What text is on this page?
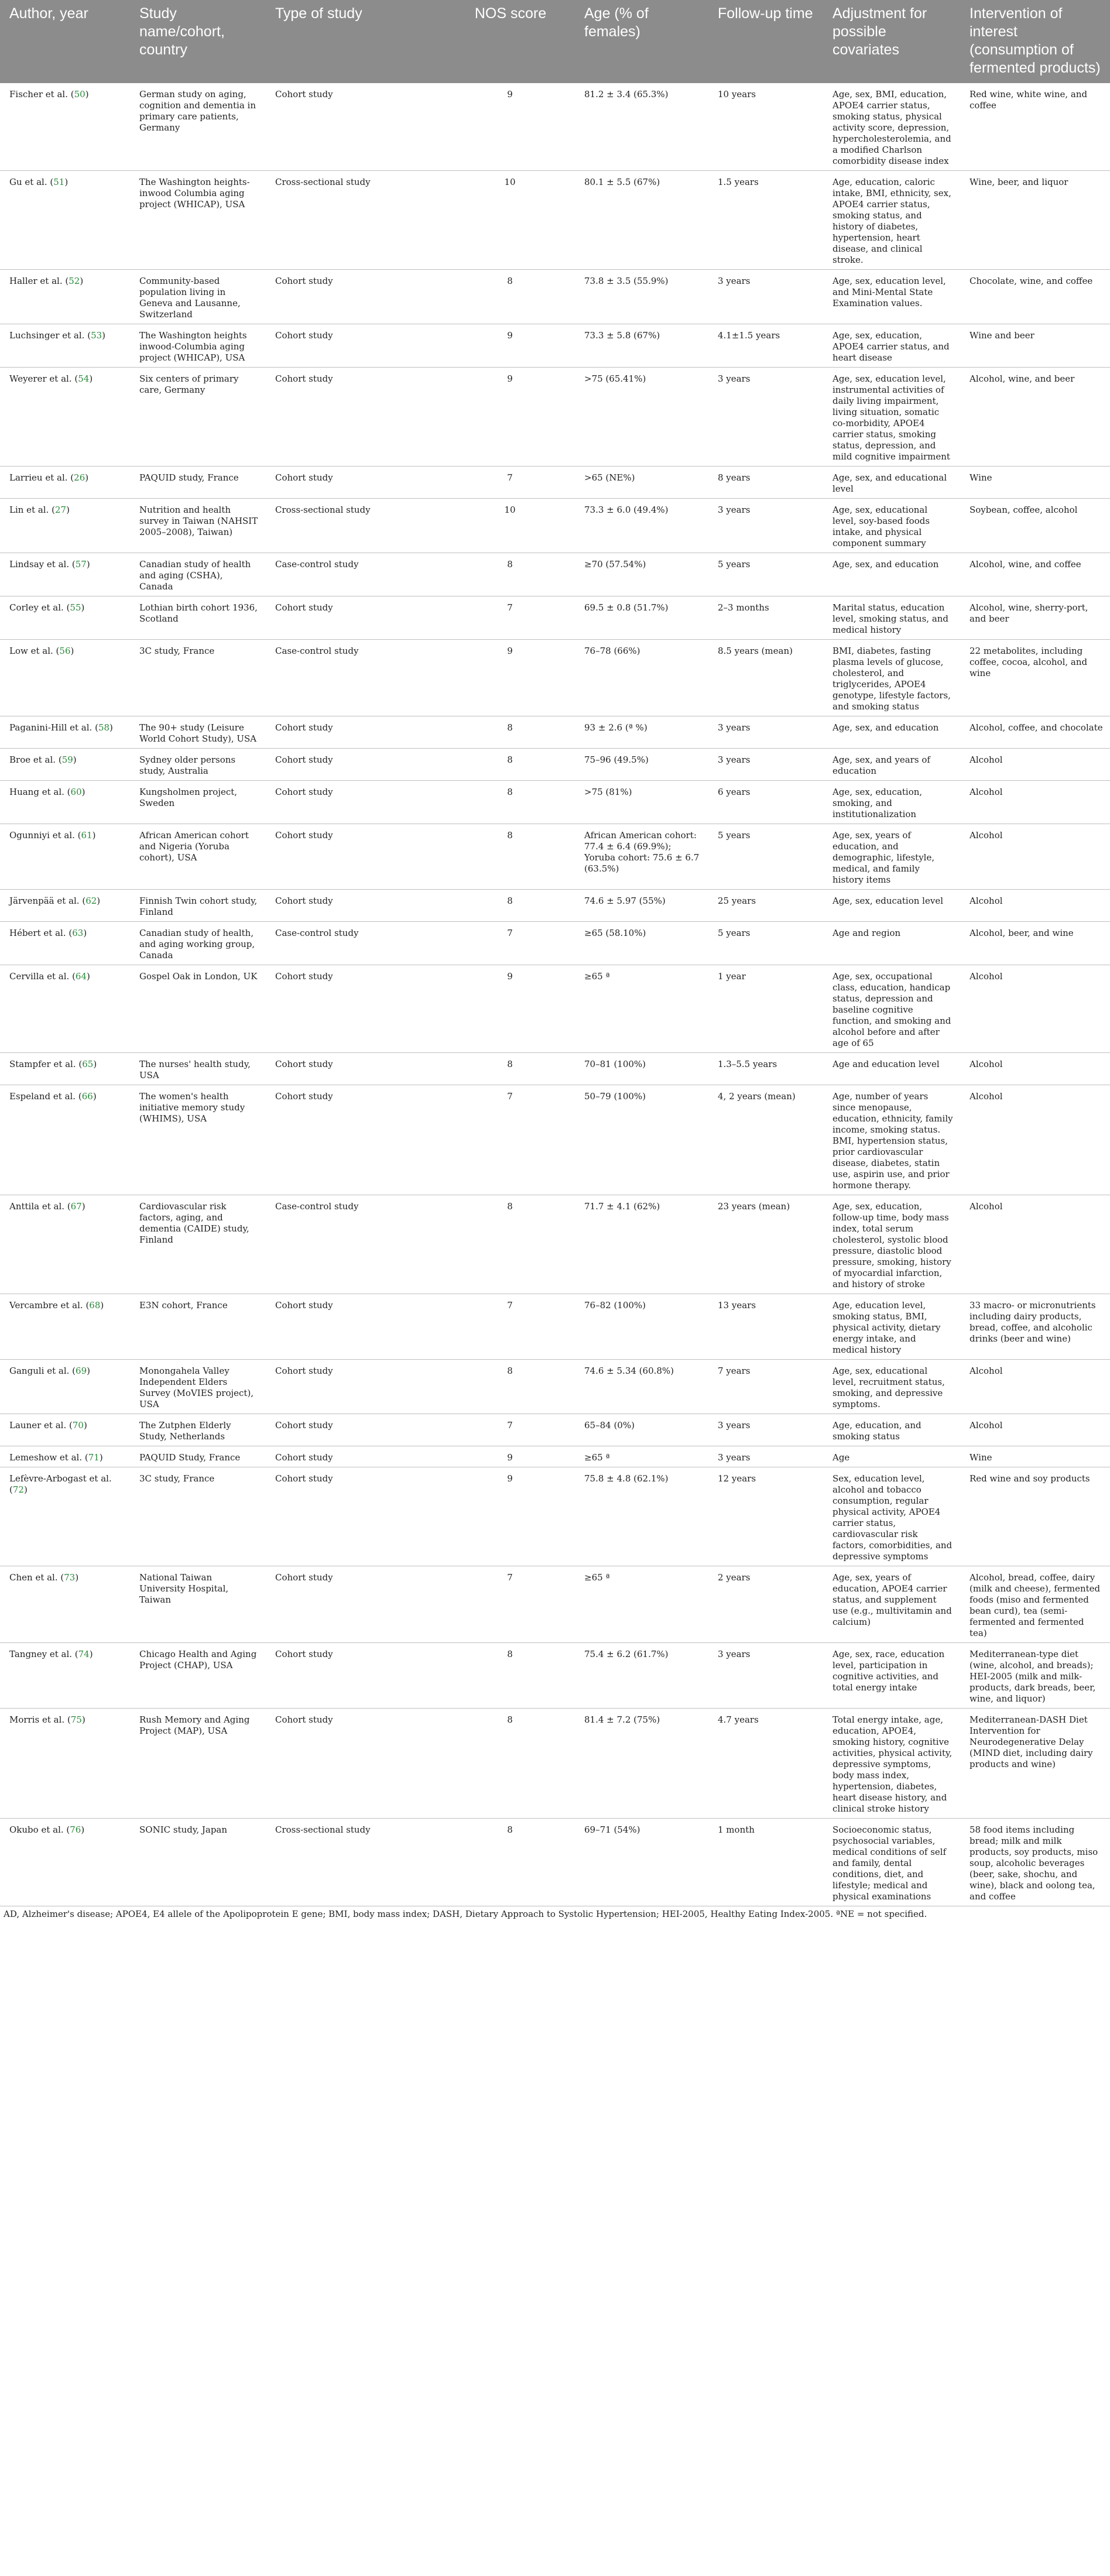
Author, year	Study name/cohort, country	Type of study	NOS score	Age (% of females)	Follow-up time	Adjustment for possible covariates	Intervention of interest (consumption of fermented products)
Fischer et al. (50)	German study on aging, cognition and dementia in primary care patients, Germany	Cohort study	9	81.2 ± 3.4 (65.3%)	10 years	Age, sex, BMI, education, APOE4 carrier status, smoking status, physical activity score, depression, hypercholesterolemia, and a modified Charlson comorbidity disease index	Red wine, white wine, and coffee
Gu et al. (51)	The Washington heights-inwood Columbia aging project (WHICAP), USA	Cross-sectional study	10	80.1 ± 5.5 (67%)	1.5 years	Age, education, caloric intake, BMI, ethnicity, sex, APOE4 carrier status, smoking status, and history of diabetes, hypertension, heart disease, and clinical stroke.	Wine, beer, and liquor
Haller et al. (52)	Community-based population living in Geneva and Lausanne, Switzerland	Cohort study	8	73.8 ± 3.5 (55.9%)	3 years	Age, sex, education level, and Mini-Mental State Examination values.	Chocolate, wine, and coffee
Luchsinger et al. (53)	The Washington heights inwood-Columbia aging project (WHICAP), USA	Cohort study	9	73.3 ± 5.8 (67%)	4.1±1.5 years	Age, sex, education, APOE4 carrier status, and heart disease	Wine and beer
Weyerer et al. (54)	Six centers of primary care, Germany	Cohort study	9	>75 (65.41%)	3 years	Age, sex, education level, instrumental activities of daily living impairment, living situation, somatic co-morbidity, APOE4 carrier status, smoking status, depression, and mild cognitive impairment	Alcohol, wine, and beer
Larrieu et al. (26)	PAQUID study, France	Cohort study	7	>65 (NE%)	8 years	Age, sex, and educational level	Wine
Lin et al. (27)	Nutrition and health survey in Taiwan (NAHSIT 2005–2008), Taiwan)	Cross-sectional study	10	73.3 ± 6.0 (49.4%)	3 years	Age, sex, educational level, soy-based foods intake, and physical component summary	Soybean, coffee, alcohol
Lindsay et al. (57)	Canadian study of health and aging (CSHA), Canada	Case-control study	8	≥70 (57.54%)	5 years	Age, sex, and education	Alcohol, wine, and coffee
Corley et al. (55)	Lothian birth cohort 1936, Scotland	Cohort study	7	69.5 ± 0.8 (51.7%)	2–3 months	Marital status, education level, smoking status, and medical history	Alcohol, wine, sherry-port, and beer
Low et al. (56)	3C study, France	Case-control study	9	76–78 (66%)	8.5 years (mean)	BMI, diabetes, fasting plasma levels of glucose, cholesterol, and triglycerides, APOE4 genotype, lifestyle factors, and smoking status	22 metabolites, including coffee, cocoa, alcohol, and wine
Paganini-Hill et al. (58)	The 90+ study (Leisure World Cohort Study), USA	Cohort study	8	93 ± 2.6 (ª %)	3 years	Age, sex, and education	Alcohol, coffee, and chocolate
Broe et al. (59)	Sydney older persons study, Australia	Cohort study	8	75–96 (49.5%)	3 years	Age, sex, and years of education	Alcohol
Huang et al. (60)	Kungsholmen project, Sweden	Cohort study	8	>75 (81%)	6 years	Age, sex, education, smoking, and institutionalization	Alcohol
Ogunniyi et al. (61)	African American cohort and Nigeria (Yoruba cohort), USA	Cohort study	8	African American cohort: 77.4 ± 6.4 (69.9%); Yoruba cohort: 75.6 ± 6.7 (63.5%)	5 years	Age, sex, years of education, and demographic, lifestyle, medical, and family history items	Alcohol
Järvenpää et al. (62)	Finnish Twin cohort study, Finland	Cohort study	8	74.6 ± 5.97 (55%)	25 years	Age, sex, education level	Alcohol
Hébert et al. (63)	Canadian study of health, and aging working group, Canada	Case-control study	7	≥65 (58.10%)	5 years	Age and region	Alcohol, beer, and wine
Cervilla et al. (64)	Gospel Oak in London, UK	Cohort study	9	≥65 ª	1 year	Age, sex, occupational class, education, handicap status, depression and baseline cognitive function, and smoking and alcohol before and after age of 65	Alcohol
Stampfer et al. (65)	The nurses' health study, USA	Cohort study	8	70–81 (100%)	1.3–5.5 years	Age and education level	Alcohol
Espeland et al. (66)	The women's health initiative memory study (WHIMS), USA	Cohort study	7	50–79 (100%)	4, 2 years (mean)	Age, number of years since menopause, education, ethnicity, family income, smoking status. BMI, hypertension status, prior cardiovascular disease, diabetes, statin use, aspirin use, and prior hormone therapy.	Alcohol
Anttila et al. (67)	Cardiovascular risk factors, aging, and dementia (CAIDE) study, Finland	Case-control study	8	71.7 ± 4.1 (62%)	23 years (mean)	Age, sex, education, follow-up time, body mass index, total serum cholesterol, systolic blood pressure, diastolic blood pressure, smoking, history of myocardial infarction, and history of stroke	Alcohol
Vercambre et al. (68)	E3N cohort, France	Cohort study	7	76–82 (100%)	13 years	Age, education level, smoking status, BMI, physical activity, dietary energy intake, and medical history	33 macro- or micronutrients including dairy products, bread, coffee, and alcoholic drinks (beer and wine)
Ganguli et al. (69)	Monongahela Valley Independent Elders Survey (MoVIES project), USA	Cohort study	8	74.6 ± 5.34 (60.8%)	7 years	Age, sex, educational level, recruitment status, smoking, and depressive symptoms.	Alcohol
Launer et al. (70)	The Zutphen Elderly Study, Netherlands	Cohort study	7	65–84 (0%)	3 years	Age, education, and smoking status	Alcohol
Lemeshow et al. (71)	PAQUID Study, France	Cohort study	9	≥65 ª	3 years	Age	Wine
Lefèvre-Arbogast et al. (72)	3C study, France	Cohort study	9	75.8 ± 4.8 (62.1%)	12 years	Sex, education level, alcohol and tobacco consumption, regular physical activity, APOE4 carrier status, cardiovascular risk factors, comorbidities, and depressive symptoms	Red wine and soy products
Chen et al. (73)	National Taiwan University Hospital, Taiwan	Cohort study	7	≥65 ª	2 years	Age, sex, years of education, APOE4 carrier status, and supplement use (e.g., multivitamin and calcium)	Alcohol, bread, coffee, dairy (milk and cheese), fermented foods (miso and fermented bean curd), tea (semi-fermented and fermented tea)
Tangney et al. (74)	Chicago Health and Aging Project (CHAP), USA	Cohort study	8	75.4 ± 6.2 (61.7%)	3 years	Age, sex, race, education level, participation in cognitive activities, and total energy intake	Mediterranean-type diet (wine, alcohol, and breads); HEI-2005 (milk and milk-products, dark breads, beer, wine, and liquor)
Morris et al. (75)	Rush Memory and Aging Project (MAP), USA	Cohort study	8	81.4 ± 7.2 (75%)	4.7 years	Total energy intake, age, education, APOE4, smoking history, cognitive activities, physical activity, depressive symptoms, body mass index, hypertension, diabetes, heart disease history, and clinical stroke history	Mediterranean-DASH Diet Intervention for Neurodegenerative Delay (MIND diet, including dairy products and wine)
Okubo et al. (76)	SONIC study, Japan	Cross-sectional study	8	69–71 (54%)	1 month	Socioeconomic status, psychosocial variables, medical conditions of self and family, dental conditions, diet, and lifestyle; medical and physical examinations	58 food items including bread; milk and milk products, soy products, miso soup, alcoholic beverages (beer, sake, shochu, and wine), black and oolong tea, and coffee
AD, Alzheimer's disease; APOE4, E4 allele of the Apolipoprotein E gene; BMI, body mass index; DASH, Dietary Approach to Systolic Hypertension; HEI-2005, Healthy Eating Index-2005. ªNE = not specified.
